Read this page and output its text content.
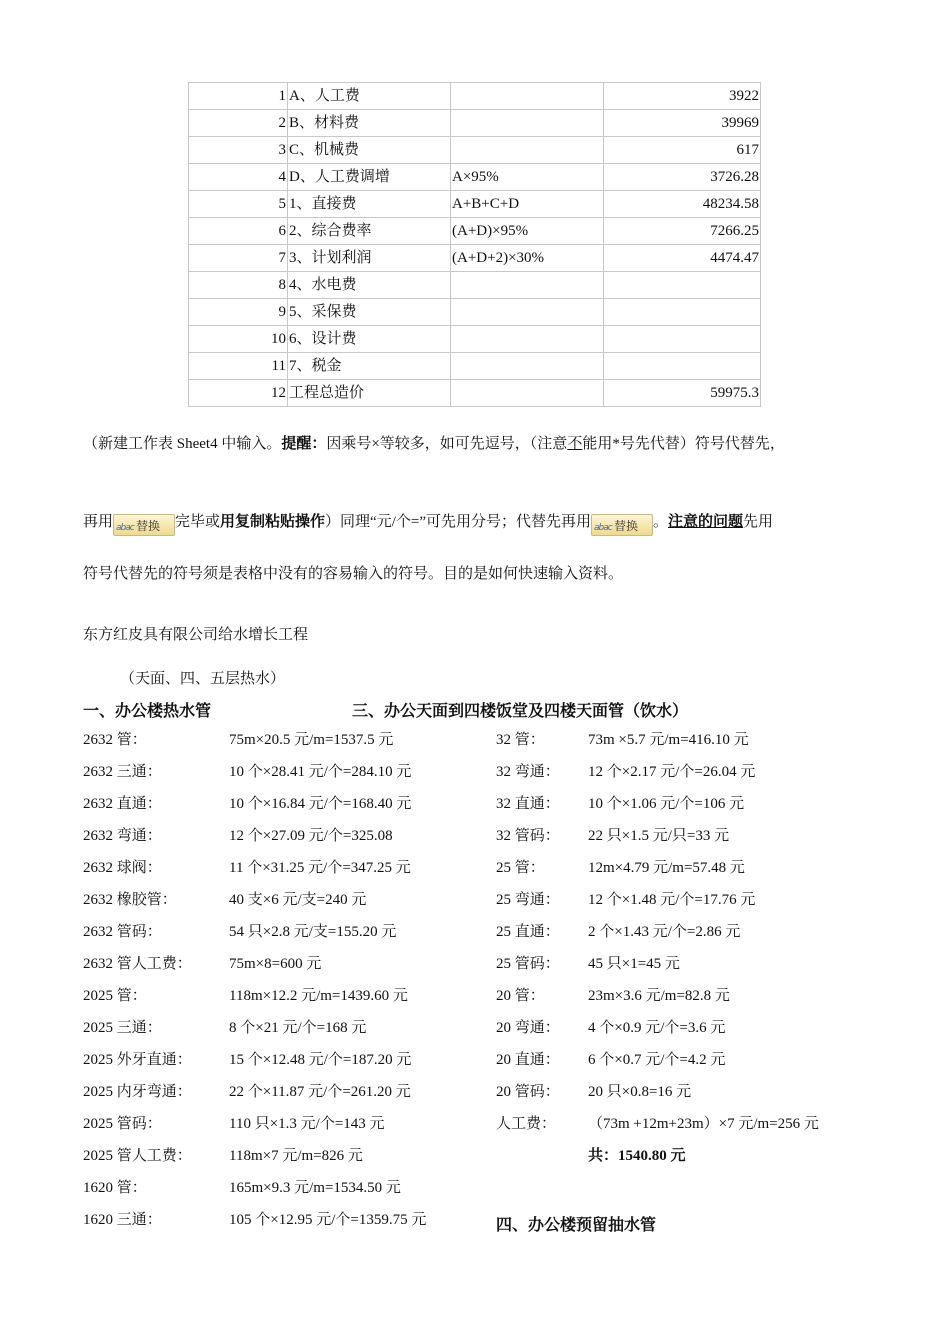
1	A、人工费		3922
2	B、材料费		39969
3	C、机械费		617
4	D、人工费调增	A×95%	3726.28
5	1、直接费	A+B+C+D	48234.58
6	2、综合费率	(A+D)×95%	7266.25
7	3、计划利润	(A+D+2)×30%	4474.47
8	4、水电费		
9	5、采保费		
10	6、设计费		
11	7、税金		
12	工程总造价		59975.3
（新建工作表 Sheet4 中输入。提醒：因乘号×等较多，如可先逗号，（注意不能用*号先代替）符号代替先，
再用 abac 替换 完毕或用复制粘贴操作）同理“元/个=”可先用分号；代替先再用 abac 替换 。注意的问题先用
符号代替先的符号须是表格中没有的容易输入的符号。目的是如何快速输入资料。
东方红皮具有限公司给水增长工程
（天面、四、五层热水）
一、办公楼热水管	三、办公天面到四楼饭堂及四楼天面管（饮水）
2632 管：	75m×20.5 元/m=1537.5 元
2632 三通：	10 个×28.41 元/个=284.10 元
2632 直通：	10 个×16.84 元/个=168.40 元
2632 弯通：	12 个×27.09 元/个=325.08
2632 球阀：	11 个×31.25 元/个=347.25 元
2632 橡胶管：	40 支×6 元/支=240 元
2632 管码：	54 只×2.8 元/支=155.20 元
2632 管人工费： 75m×8=600 元
2025 管：	118m×12.2 元/m=1439.60 元
2025 三通：	8 个×21 元/个=168 元
2025 外牙直通： 15 个×12.48 元/个=187.20 元
2025 内牙弯通： 22 个×11.87 元/个=261.20 元
2025 管码：	110 只×1.3 元/个=143 元
2025 管人工费： 118m×7 元/m=826 元
1620 管：	165m×9.3 元/m=1534.50 元
1620 三通：	105 个×12.95 元/个=1359.75 元
32 管：	73m ×5.7 元/m=416.10 元
32 弯通： 12 个×2.17 元/个=26.04 元
32 直通： 10 个×1.06 元/个=106 元
32 管码： 22 只×1.5 元/只=33 元
25 管：	12m×4.79 元/m=57.48 元
25 弯通： 12 个×1.48 元/个=17.76 元
25 直通： 2 个×1.43 元/个=2.86 元
25 管码： 45 只×1=45 元
20 管：	23m×3.6 元/m=82.8 元
20 弯通： 4 个×0.9 元/个=3.6 元
20 直通： 6 个×0.7 元/个=4.2 元
20 管码： 20 只×0.8=16 元
人工费： （73m +12m+23m）×7 元/m=256 元
共：1540.80 元
四、办公楼预留抽水管
